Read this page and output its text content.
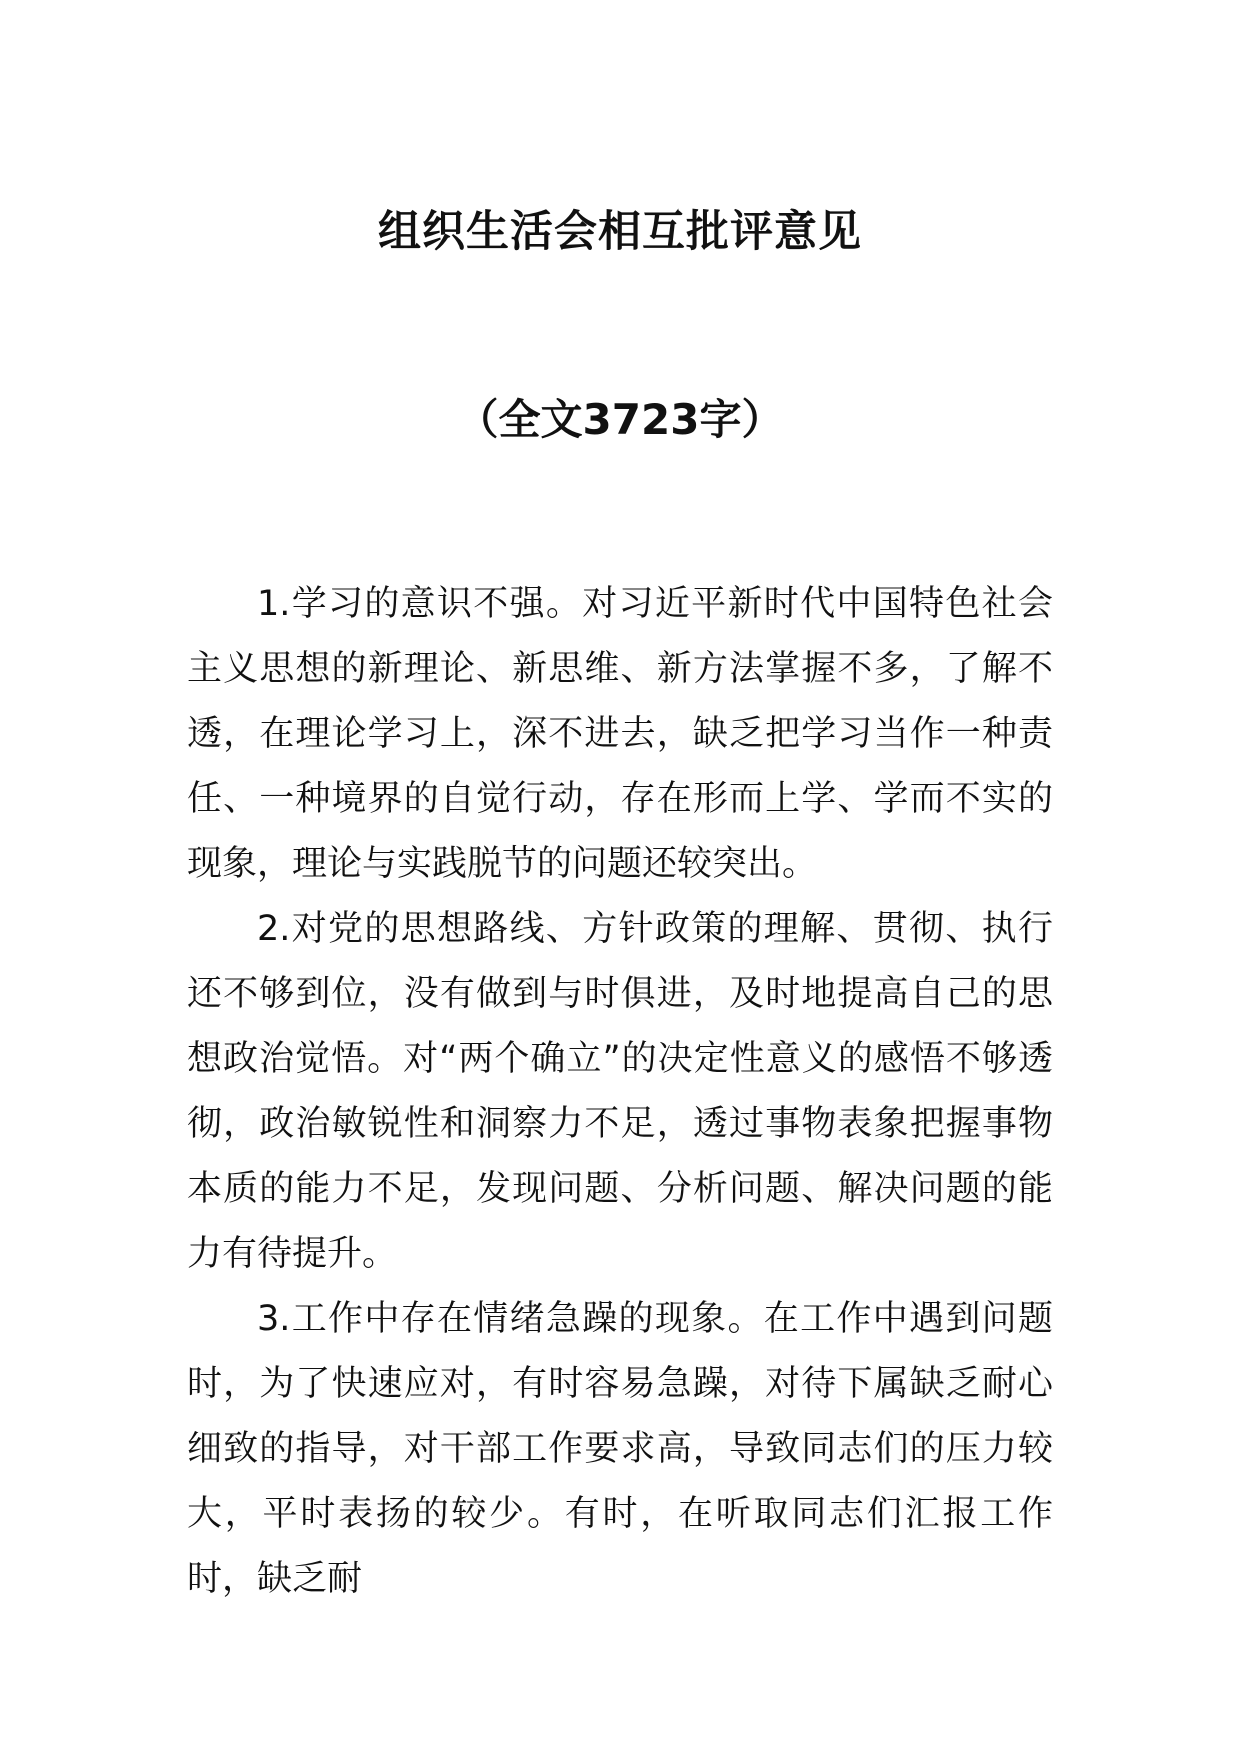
组织生活会相互批评意见
（全文3723字）

1.学习的意识不强。对习近平新时代中国特色社会主义思想的新理论、新思维、新方法掌握不多，了解不透，在理论学习上，深不进去，缺乏把学习当作一种责任、一种境界的自觉行动，存在形而上学、学而不实的现象，理论与实践脱节的问题还较突出。

2.对党的思想路线、方针政策的理解、贯彻、执行还不够到位，没有做到与时俱进，及时地提高自己的思想政治觉悟。对“两个确立”的决定性意义的感悟不够透彻，政治敏锐性和洞察力不足，透过事物表象把握事物本质的能力不足，发现问题、分析问题、解决问题的能力有待提升。

3.工作中存在情绪急躁的现象。在工作中遇到问题时，为了快速应对，有时容易急躁，对待下属缺乏耐心细致的指导，对干部工作要求高，导致同志们的压力较大，平时表扬的较少。有时，在听取同志们汇报工作时，缺乏耐
